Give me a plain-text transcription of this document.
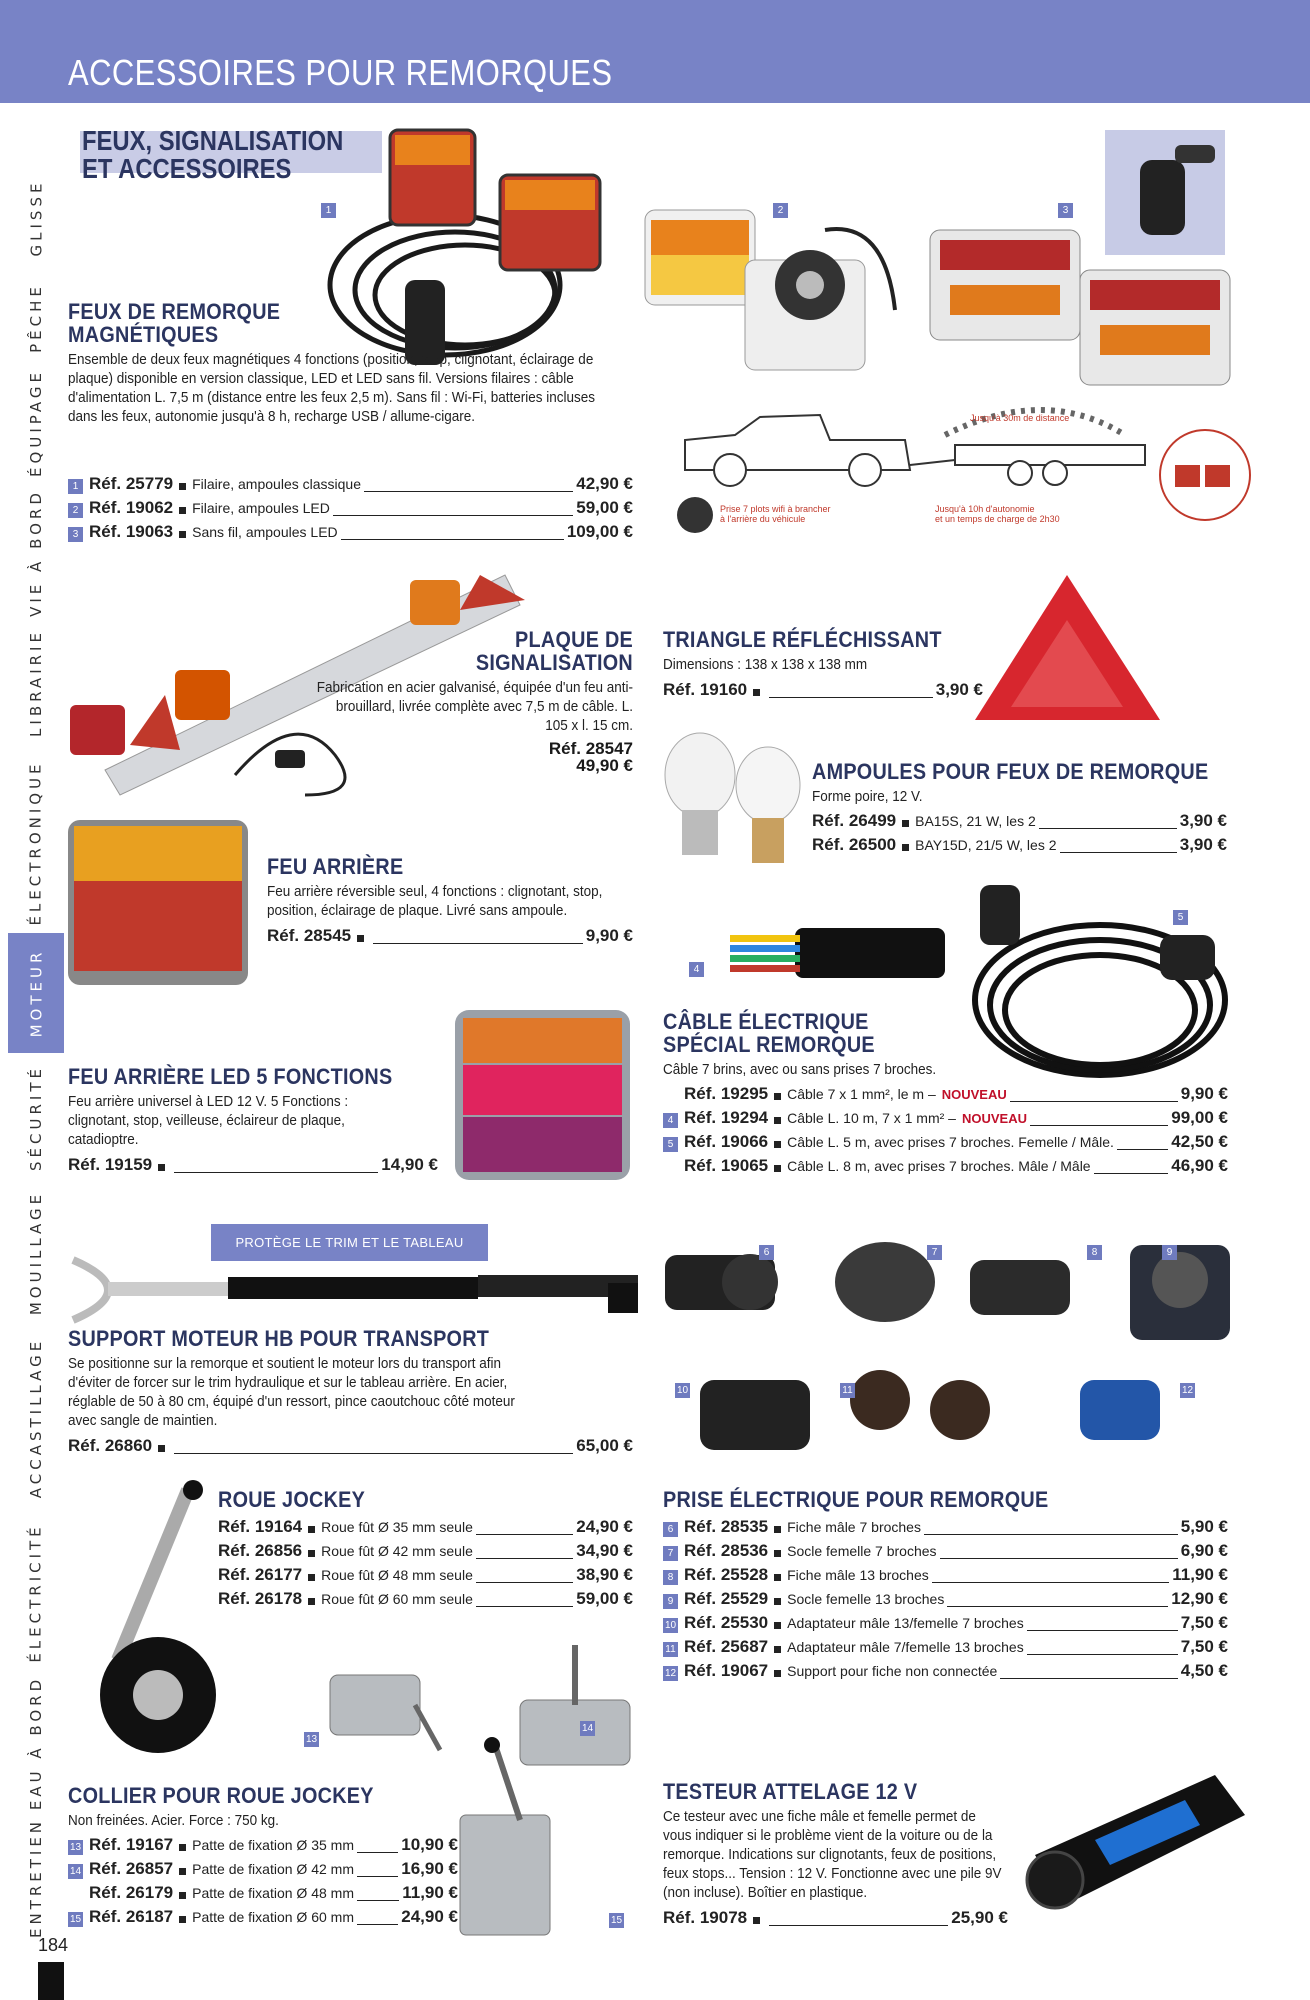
ACCESSOIRES POUR REMORQUES
GLISSE
PÊCHE
ÉQUIPAGE
VIE À BORD
LIBRAIRIE
ÉLECTRONIQUE
MOTEUR
SÉCURITÉ
MOUILLAGE
ACCASTILLAGE
ÉLECTRICITÉ
EAU À BORD
ENTRETIEN
184
FEUX, SIGNALISATION
ET ACCESSOIRES
1	2	3
Prise 7 plots wifi à brancher
à l'arrière du véhicule
Jusqu'à 30m de distance
Jusqu'à 10h d'autonomie
et un temps de charge de 2h30
4
5
PROTÈGE LE TRIM ET LE TABLEAU
6	7	8	9
10	11	12
13
14
15
FEUX DE REMORQUE
MAGNÉTIQUES
Ensemble de deux feux magnétiques 4 fonctions (position, stop, clignotant, éclairage de plaque) disponible en version classique, LED et LED sans fil. Versions filaires : câble d'alimentation L. 7,5 m (distance entre les feux 2,5 m). Sans fil : Wi-Fi, batteries incluses dans les feux, autonomie jusqu'à 8 h, recharge USB / allume-cigare.
1 Réf. 25779 Filaire, ampoules classique	42,90 €
2 Réf. 19062 Filaire, ampoules LED	59,00 €
3 Réf. 19063 Sans fil, ampoules LED	109,00 €
PLAQUE DE
SIGNALISATION
Fabrication en acier galvanisé, équipée d'un feu anti-brouillard, livrée complète avec 7,5 m de câble. L. 105 x l. 15 cm.
Réf. 28547
49,90 €
TRIANGLE RÉFLÉCHISSANT
Dimensions : 138 x 138 x 138 mm
Réf. 19160	3,90 €
AMPOULES POUR FEUX DE REMORQUE
Forme poire, 12 V.
Réf. 26499 BA15S, 21 W, les 2	3,90 €
Réf. 26500 BAY15D, 21/5 W, les 2	3,90 €
FEU ARRIÈRE
Feu arrière réversible seul, 4 fonctions : clignotant, stop, position, éclairage de plaque. Livré sans ampoule.
Réf. 28545	9,90 €
CÂBLE ÉLECTRIQUE
SPÉCIAL REMORQUE
Câble 7 brins, avec ou sans prises 7 broches.
Réf. 19295 Câble 7 x 1 mm², le m – NOUVEAU	9,90 €
4 Réf. 19294 Câble L. 10 m, 7 x 1 mm² – NOUVEAU	99,00 €
5 Réf. 19066 Câble L. 5 m, avec prises 7 broches. Femelle / Mâle.	42,50 €
Réf. 19065 Câble L. 8 m, avec prises 7 broches. Mâle / Mâle	46,90 €
FEU ARRIÈRE LED 5 FONCTIONS
Feu arrière universel à LED 12 V. 5 Fonctions : clignotant, stop, veilleuse, éclaireur de plaque, catadioptre.
Réf. 19159	14,90 €
SUPPORT MOTEUR HB POUR TRANSPORT
Se positionne sur la remorque et soutient le moteur lors du transport afin d'éviter de forcer sur le trim hydraulique et sur le tableau arrière. En acier, réglable de 50 à 80 cm, équipé d'un ressort, pince caoutchouc côté moteur avec sangle de maintien.
Réf. 26860	65,00 €
ROUE JOCKEY
Réf. 19164 Roue fût Ø 35 mm seule	24,90 €
Réf. 26856 Roue fût Ø 42 mm seule	34,90 €
Réf. 26177 Roue fût Ø 48 mm seule	38,90 €
Réf. 26178 Roue fût Ø 60 mm seule	59,00 €
PRISE ÉLECTRIQUE POUR REMORQUE
6 Réf. 28535 Fiche mâle 7 broches	5,90 €
7 Réf. 28536 Socle femelle 7 broches	6,90 €
8 Réf. 25528 Fiche mâle 13 broches	11,90 €
9 Réf. 25529 Socle femelle 13 broches	12,90 €
10 Réf. 25530 Adaptateur mâle 13/femelle 7 broches	7,50 €
11 Réf. 25687 Adaptateur mâle 7/femelle 13 broches	7,50 €
12 Réf. 19067 Support pour fiche non connectée	4,50 €
COLLIER POUR ROUE JOCKEY
Non freinées. Acier. Force : 750 kg.
13 Réf. 19167 Patte de fixation Ø 35 mm	10,90 €
14 Réf. 26857 Patte de fixation Ø 42 mm	16,90 €
Réf. 26179 Patte de fixation Ø 48 mm	11,90 €
15 Réf. 26187 Patte de fixation Ø 60 mm	24,90 €
TESTEUR ATTELAGE 12 V
Ce testeur avec une fiche mâle et femelle permet de vous indiquer si le problème vient de la voiture ou de la remorque. Indications sur clignotants, feux de positions, feux stops... Tension : 12 V. Fonctionne avec une pile 9V (non incluse). Boîtier en plastique.
Réf. 19078	25,90 €
